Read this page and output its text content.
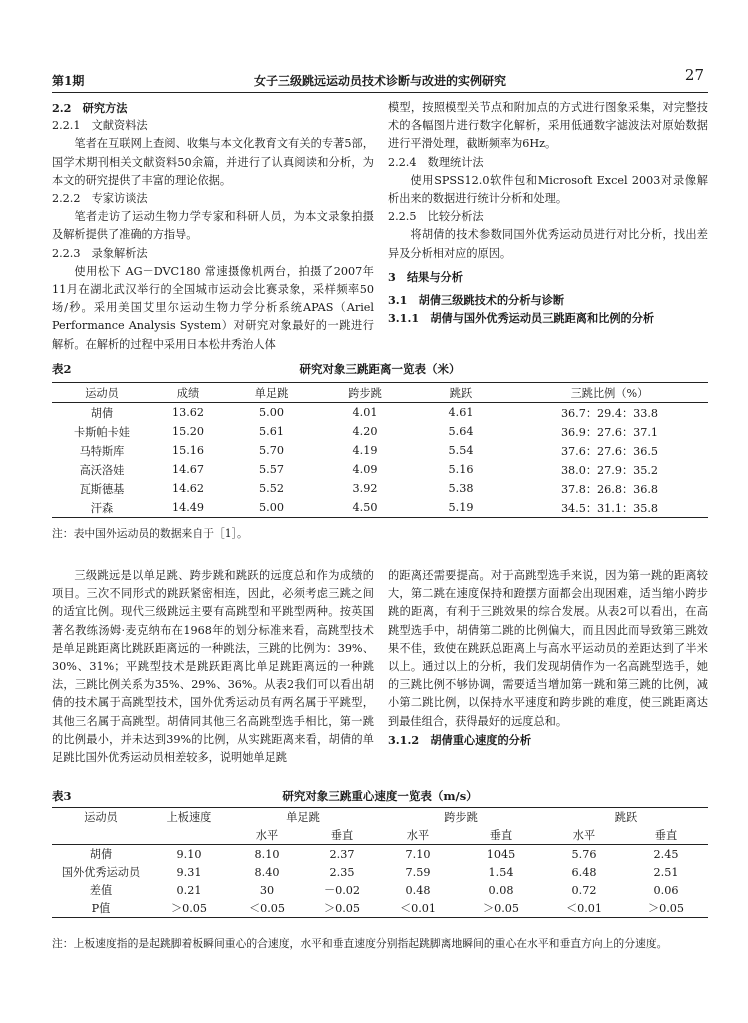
第1期	女子三级跳远运动员技术诊断与改进的实例研究	27

2.2　研究方法

2.2.1　文献资料法

笔者在互联网上查阅、收集与本文化教育文有关的专著5部，国学术期刊相关文献资料50余篇，并进行了认真阅读和分析，为本文的研究提供了丰富的理论依据。

2.2.2　专家访谈法

笔者走访了运动生物力学专家和科研人员，为本文录象拍摄及解析提供了准确的方指导。

2.2.3　录象解析法

使用松下 AG－DVC180 常速摄像机两台，拍摄了2007年11月在湖北武汉举行的全国城市运动会比赛录象，采样频率50场/秒。采用美国艾里尔运动生物力学分析系统APAS（Ariel Performance Analysis System）对研究对象最好的一跳进行解析。在解析的过程中采用日本松井秀治人体

模型，按照模型关节点和附加点的方式进行图象采集，对完整技术的各幅图片进行数字化解析，采用低通数字滤波法对原始数据进行平滑处理，截断频率为6Hz。

2.2.4　数理统计法

使用SPSS12.0软件包和Microsoft Excel 2003对录像解析出来的数据进行统计分析和处理。

2.2.5　比较分析法

将胡倩的技术参数同国外优秀运动员进行对比分析，找出差异及分析相对应的原因。

3　结果与分析

3.1　胡倩三级跳技术的分析与诊断

3.1.1　胡倩与国外优秀运动员三跳距离和比例的分析

表2	研究对象三跳距离一览表（米）
运动员	成绩	单足跳	跨步跳	跳跃	三跳比例（%）
胡倩	13.62	5.00	4.01	4.61	36.7：29.4：33.8
卡斯帕卡娃	15.20	5.61	4.20	5.64	36.9：27.6：37.1
马特斯库	15.16	5.70	4.19	5.54	37.6：27.6：36.5
高沃洛娃	14.67	5.57	4.09	5.16	38.0：27.9：35.2
瓦斯德基	14.62	5.52	3.92	5.38	37.8：26.8：36.8
汗森	14.49	5.00	4.50	5.19	34.5：31.1：35.8
注：表中国外运动员的数据来自于［1］。

三级跳远是以单足跳、跨步跳和跳跃的远度总和作为成绩的项目。三次不同形式的跳跃紧密相连，因此，必须考虑三跳之间的适宜比例。现代三级跳远主要有高跳型和平跳型两种。按英国著名教练汤姆·麦克纳布在1968年的划分标准来看，高跳型技术是单足跳距离比跳跃距离远的一种跳法，三跳的比例为：39%、30%、31%；平跳型技术是跳跃距离比单足跳距离远的一种跳法，三跳比例关系为35%、29%、36%。从表2我们可以看出胡倩的技术属于高跳型技术，国外优秀运动员有两名属于平跳型，其他三名属于高跳型。胡倩同其他三名高跳型选手相比，第一跳的比例最小，并未达到39%的比例，从实跳距离来看，胡倩的单足跳比国外优秀运动员相差较多，说明她单足跳

的距离还需要提高。对于高跳型选手来说，因为第一跳的距离较大，第二跳在速度保持和蹬摆方面都会出现困难，适当缩小跨步跳的距离，有利于三跳效果的综合发展。从表2可以看出，在高跳型选手中，胡倩第二跳的比例偏大，而且因此而导致第三跳效果不佳，致使在跳跃总距离上与高水平运动员的差距达到了半米以上。通过以上的分析，我们发现胡倩作为一名高跳型选手，她的三跳比例不够协调，需要适当增加第一跳和第三跳的比例，减小第二跳比例，以保持水平速度和跨步跳的难度，使三跳距离达到最佳组合，获得最好的远度总和。

3.1.2　胡倩重心速度的分析

表3	研究对象三跳重心速度一览表（m/s）
运动员	上板速度	单足跳		跨步跳		跳跃	
		水平	垂直	水平	垂直	水平	垂直
胡倩	9.10	8.10	2.37	7.10	1045	5.76	2.45
国外优秀运动员	9.31	8.40	2.35	7.59	1.54	6.48	2.51
差值	0.21	30	－0.02	0.48	0.08	0.72	0.06
P值	＞0.05	＜0.05	＞0.05	＜0.01	＞0.05	＜0.01	＞0.05
注：上板速度指的是起跳脚着板瞬间重心的合速度，水平和垂直速度分别指起跳脚离地瞬间的重心在水平和垂直方向上的分速度。
